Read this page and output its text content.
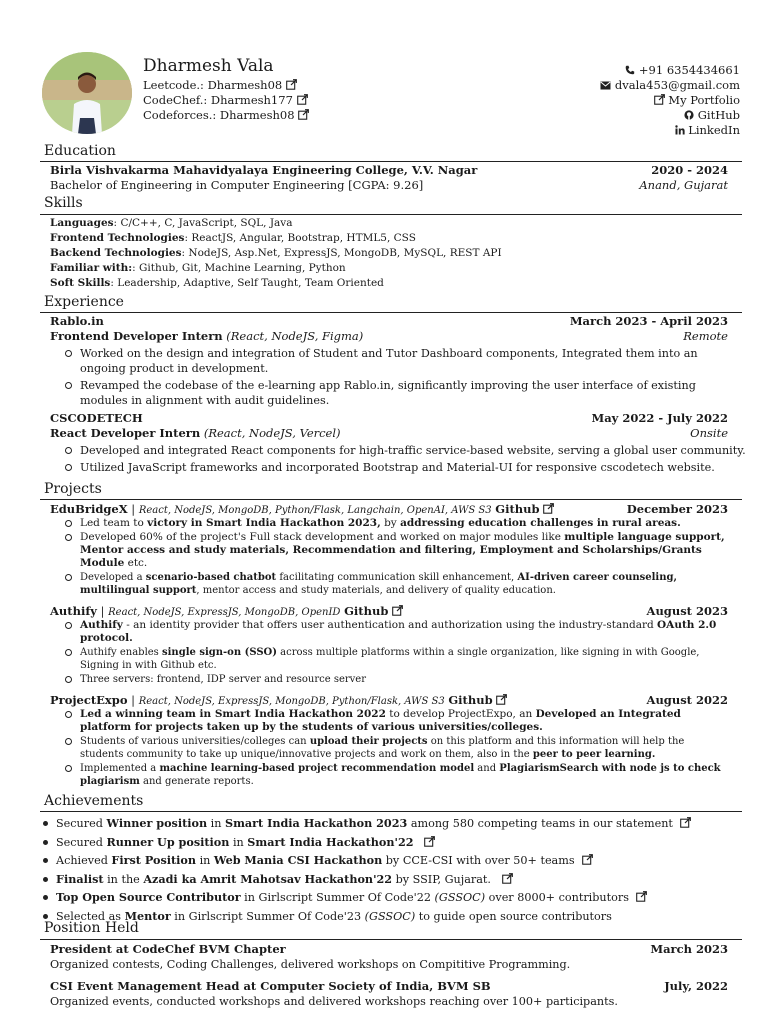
Dharmesh Vala
Leetcode.: Dharmesh08
CodeChef.: Dharmesh177
Codeforces.: Dharmesh08
+91 6354434661
dvala453@gmail.com
My Portfolio
GitHub
LinkedIn
Education
Birla Vishvakarma Mahavidyalaya Engineering College, V.V. Nagar	2020 - 2024
Bachelor of Engineering in Computer Engineering [CGPA: 9.26]	Anand, Gujarat
Skills
Languages: C/C++, C, JavaScript, SQL, Java
Frontend Technologies: ReactJS, Angular, Bootstrap, HTML5, CSS
Backend Technologies: NodeJS, Asp.Net, ExpressJS, MongoDB, MySQL, REST API
Familiar with:: Github, Git, Machine Learning, Python
Soft Skills: Leadership, Adaptive, Self Taught, Team Oriented
Experience
Rablo.in	March 2023 - April 2023
Frontend Developer Intern (React, NodeJS, Figma)	Remote
Worked on the design and integration of Student and Tutor Dashboard components, Integrated them into an ongoing product in development.
Revamped the codebase of the e-learning app Rablo.in, significantly improving the user interface of existing modules in alignment with audit guidelines.
CSCODETECH	May 2022 - July 2022
React Developer Intern (React, NodeJS, Vercel)	Onsite
Developed and integrated React components for high-traffic service-based website, serving a global user community.
Utilized JavaScript frameworks and incorporated Bootstrap and Material-UI for responsive cscodetech website.
Projects
EduBridgeX | React, NodeJS, MongoDB, Python/Flask, Langchain, OpenAI, AWS S3 Github	December 2023
Led team to victory in Smart India Hackathon 2023, by addressing education challenges in rural areas.
Developed 60% of the project's Full stack development and worked on major modules like multiple language support, Mentor access and study materials, Recommendation and filtering, Employment and Scholarships/Grants Module etc.
Developed a scenario-based chatbot facilitating communication skill enhancement, AI-driven career counseling, multilingual support, mentor access and study materials, and delivery of quality education.
Authify | React, NodeJS, ExpressJS, MongoDB, OpenID Github	August 2023
Authify - an identity provider that offers user authentication and authorization using the industry-standard OAuth 2.0 protocol.
Authify enables single sign-on (SSO) across multiple platforms within a single organization, like signing in with Google, Signing in with Github etc.
Three servers: frontend, IDP server and resource server
ProjectExpo | React, NodeJS, ExpressJS, MongoDB, Python/Flask, AWS S3 Github	August 2022
Led a winning team in Smart India Hackathon 2022 to develop ProjectExpo, an Developed an Integrated platform for projects taken up by the students of various universities/colleges.
Students of various universities/colleges can upload their projects on this platform and this information will help the students community to take up unique/innovative projects and work on them, also in the peer to peer learning.
Implemented a machine learning-based project recommendation model and PlagiarismSearch with node js to check plagiarism and generate reports.
Achievements
Secured Winner position in Smart India Hackathon 2023 among 580 competing teams in our statement
Secured Runner Up position in Smart India Hackathon'22
Achieved First Position in Web Mania CSI Hackathon by CCE-CSI with over 50+ teams
Finalist in the Azadi ka Amrit Mahotsav Hackathon'22 by SSIP, Gujarat.
Top Open Source Contributor in Girlscript Summer Of Code'22 (GSSOC) over 8000+ contributors
Selected as Mentor in Girlscript Summer Of Code'23 (GSSOC) to guide open source contributors
Position Held
President at CodeChef BVM Chapter	March 2023
Organized contests, Coding Challenges, delivered workshops on Compititive Programming.
CSI Event Management Head at Computer Society of India, BVM SB	July, 2022
Organized events, conducted workshops and delivered workshops reaching over 100+ participants.
